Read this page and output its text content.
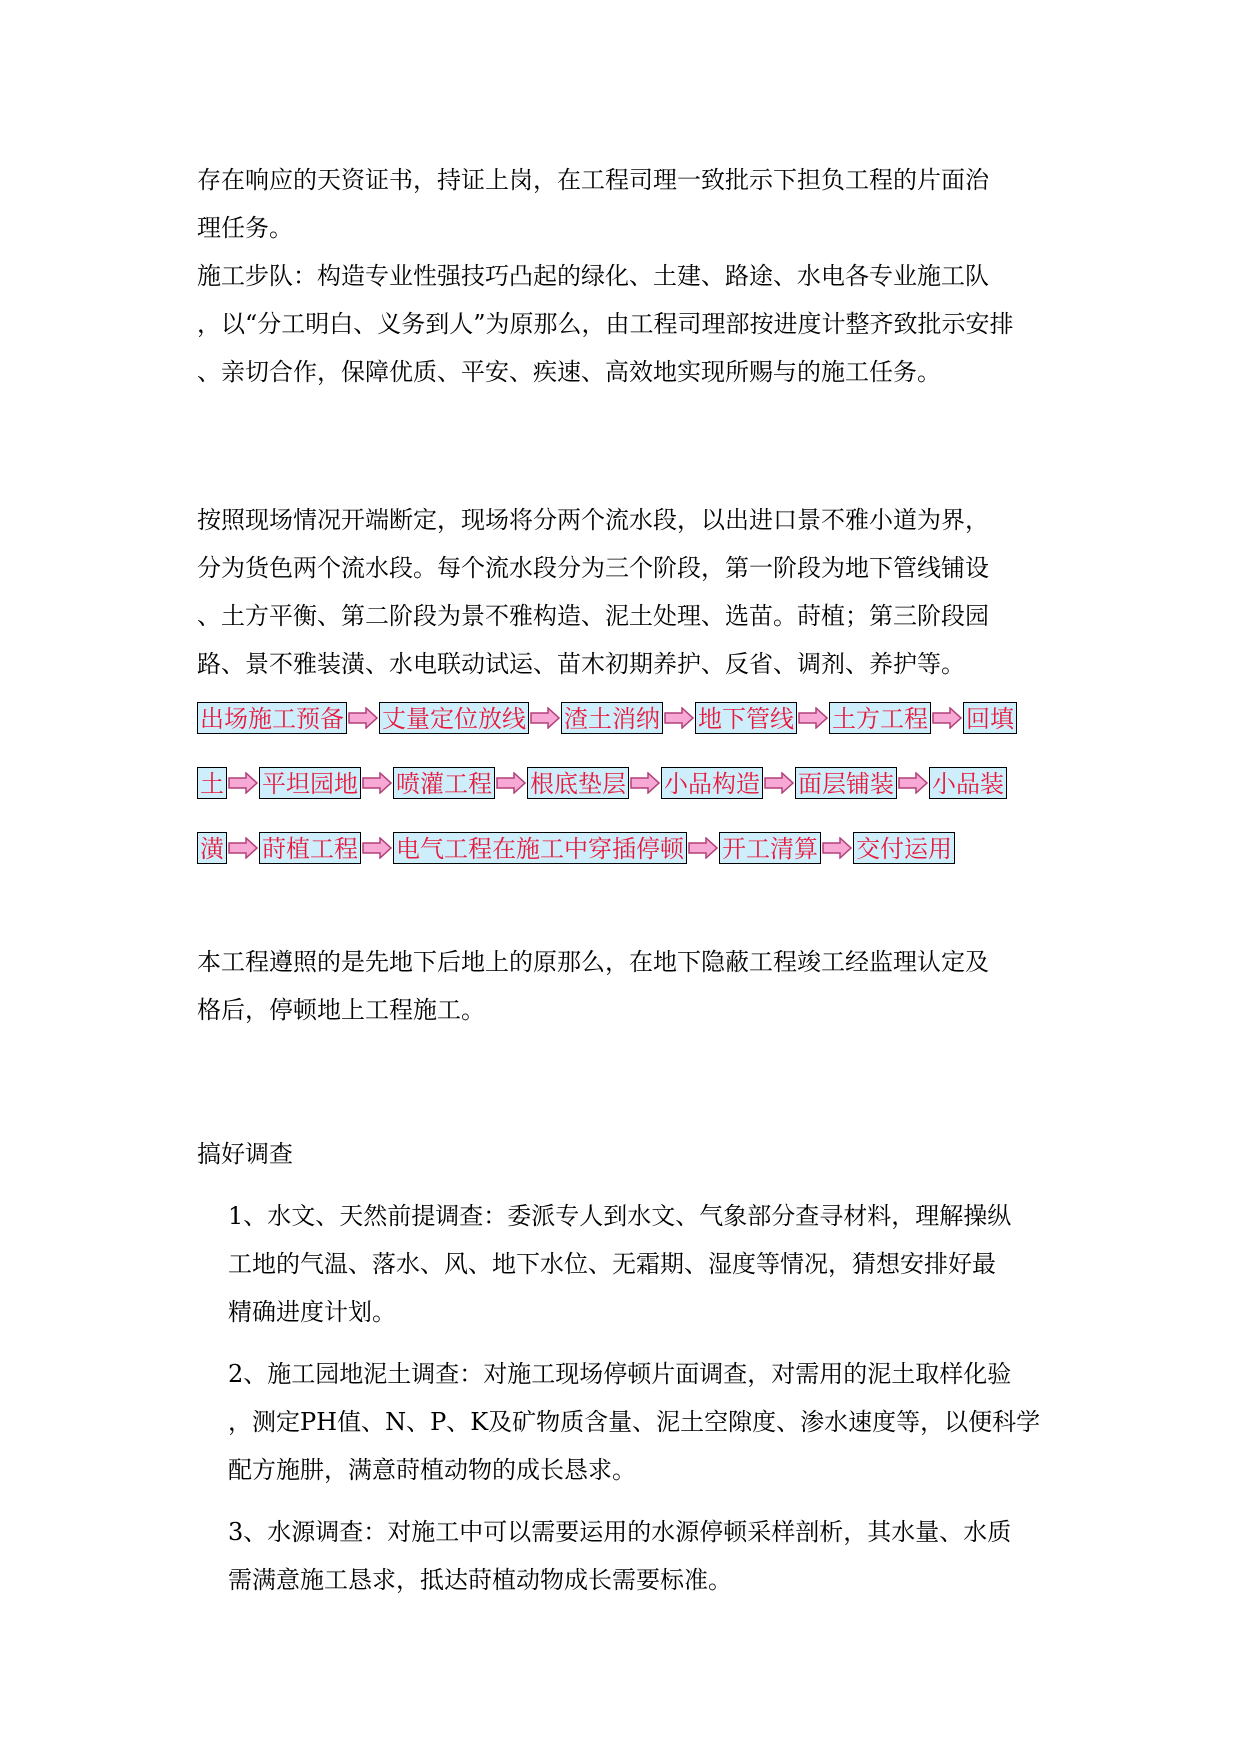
存在响应的天资证书，持证上岗，在工程司理一致批示下担负工程的片面治
理任务。
施工步队：构造专业性强技巧凸起的绿化、土建、路途、水电各专业施工队
，以“分工明白、义务到人”为原那么，由工程司理部按进度计整齐致批示安排
、亲切合作，保障优质、平安、疾速、高效地实现所赐与的施工任务。
按照现场情况开端断定，现场将分两个流水段，以出进口景不雅小道为界，
分为货色两个流水段。每个流水段分为三个阶段，第一阶段为地下管线铺设
、土方平衡、第二阶段为景不雅构造、泥土处理、选苗。莳植；第三阶段园
路、景不雅装潢、水电联动试运、苗木初期养护、反省、调剂、养护等。
出场施工预备 丈量定位放线 渣土消纳 地下管线 土方工程 回填
土 平坦园地 喷灌工程 根底垫层 小品构造 面层铺装 小品装
潢 莳植工程 电气工程在施工中穿插停顿 开工清算 交付运用
本工程遵照的是先地下后地上的原那么，在地下隐蔽工程竣工经监理认定及
格后，停顿地上工程施工。
搞好调查
1、水文、天然前提调查：委派专人到水文、气象部分查寻材料，理解操纵
工地的气温、落水、风、地下水位、无霜期、湿度等情况，猜想安排好最
精确进度计划。
2、施工园地泥土调查：对施工现场停顿片面调查，对需用的泥土取样化验
，测定PH值、N、P、K及矿物质含量、泥土空隙度、渗水速度等，以便科学
配方施肼，满意莳植动物的成长恳求。
3、水源调查：对施工中可以需要运用的水源停顿采样剖析，其水量、水质
需满意施工恳求，抵达莳植动物成长需要标准。
